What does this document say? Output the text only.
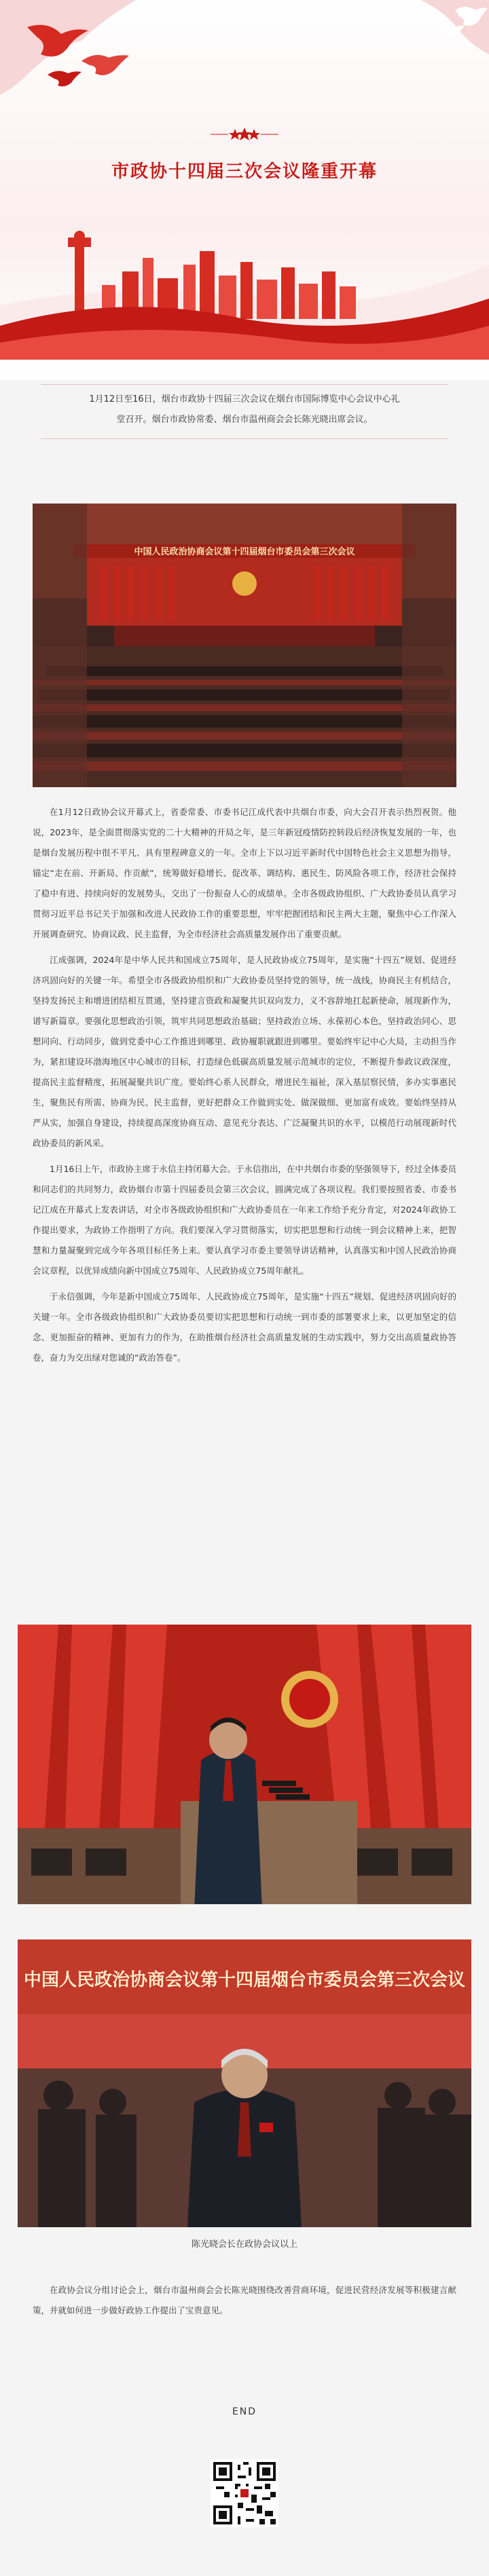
市政协十四届三次会议隆重开幕
1月12日至16日，烟台市政协十四届三次会议在烟台市国际博览中心会议中心礼
堂召开。烟台市政协常委、烟台市温州商会会长陈光晓出席会议。
中国人民政治协商会议第十四届烟台市委员会第三次会议

在1月12日政协会议开幕式上，省委常委、市委书记江成代表中共烟台市委，向大会召开表示热烈祝贺。他说，2023年，是全面贯彻落实党的二十大精神的开局之年，是三年新冠疫情防控转段后经济恢复发展的一年，也是烟台发展历程中很不平凡、具有里程碑意义的一年。全市上下以习近平新时代中国特色社会主义思想为指导，锚定“走在前、开新局、作贡献”，统筹做好稳增长、促改革、调结构、惠民生、防风险各项工作，经济社会保持了稳中有进、持续向好的发展势头，交出了一份振奋人心的成绩单。全市各级政协组织、广大政协委员认真学习贯彻习近平总书记关于加强和改进人民政协工作的重要思想，牢牢把握团结和民主两大主题，聚焦中心工作深入开展调查研究、协商议政、民主监督，为全市经济社会高质量发展作出了重要贡献。

江成强调，2024年是中华人民共和国成立75周年，是人民政协成立75周年，是实施“十四五”规划、促进经济巩固向好的关键一年。希望全市各级政协组织和广大政协委员坚持党的领导，统一战线，协商民主有机结合，坚持发扬民主和增进团结相互贯通，坚持建言资政和凝聚共识双向发力，义不容辞地扛起新使命，展现新作为，谱写新篇章。要强化思想政治引领，筑牢共同思想政治基础；坚持政治立场、永葆初心本色，坚持政治同心、思想同向、行动同步，做到党委中心工作推进到哪里、政协履职就跟进到哪里。要始终牢记中心大局，主动担当作为，紧扣建设环渤海地区中心城市的目标，打造绿色低碳高质量发展示范城市的定位，不断提升参政议政深度，提高民主监督精度，拓展凝聚共识广度。要始终心系人民群众，增进民生福祉，深入基层察民情，多办实事惠民生，聚焦民有所需、协商为民、民主监督，更好把群众工作做到实处、做深做细、更加富有成效。要始终坚持从严从实，加强自身建设，持续提高深度协商互动、意见充分表达、广泛凝聚共识的水平，以模范行动展现新时代政协委员的新风采。

1月16日上午，市政协主席于永信主持闭幕大会。于永信指出，在中共烟台市委的坚强领导下，经过全体委员和同志们的共同努力，政协烟台市第十四届委员会第三次会议，圆满完成了各项议程。我们要按照省委、市委书记江成在开幕式上发表讲话，对全市各级政协组织和广大政协委员在一年来工作给予充分肯定，对2024年政协工作提出要求，为政协工作指明了方向。我们要深入学习贯彻落实，切实把思想和行动统一到会议精神上来，把智慧和力量凝聚到完成今年各项目标任务上来。要认真学习市委主要领导讲话精神，认真落实和中国人民政治协商会议章程，以优异成绩向新中国成立75周年、人民政协成立75周年献礼。

于永信强调，今年是新中国成立75周年、人民政协成立75周年，是实施“十四五”规划、促进经济巩固向好的关键一年。全市各级政协组织和广大政协委员要切实把思想和行动统一到市委的部署要求上来，以更加坚定的信念、更加振奋的精神、更加有力的作为，在助推烟台经济社会高质量发展的生动实践中，努力交出高质量政协答卷，奋力为交出绿对您诚的“政治答卷”。

中国人民政治协商会议第十四届烟台市委员会第三次会议
陈光晓会长在政协会议以上

在政协会议分组讨论会上，烟台市温州商会会长陈光晓围绕改善营商环境，促进民营经济发展等积极建言献策，并就如何进一步做好政协工作提出了宝贵意见。

END
